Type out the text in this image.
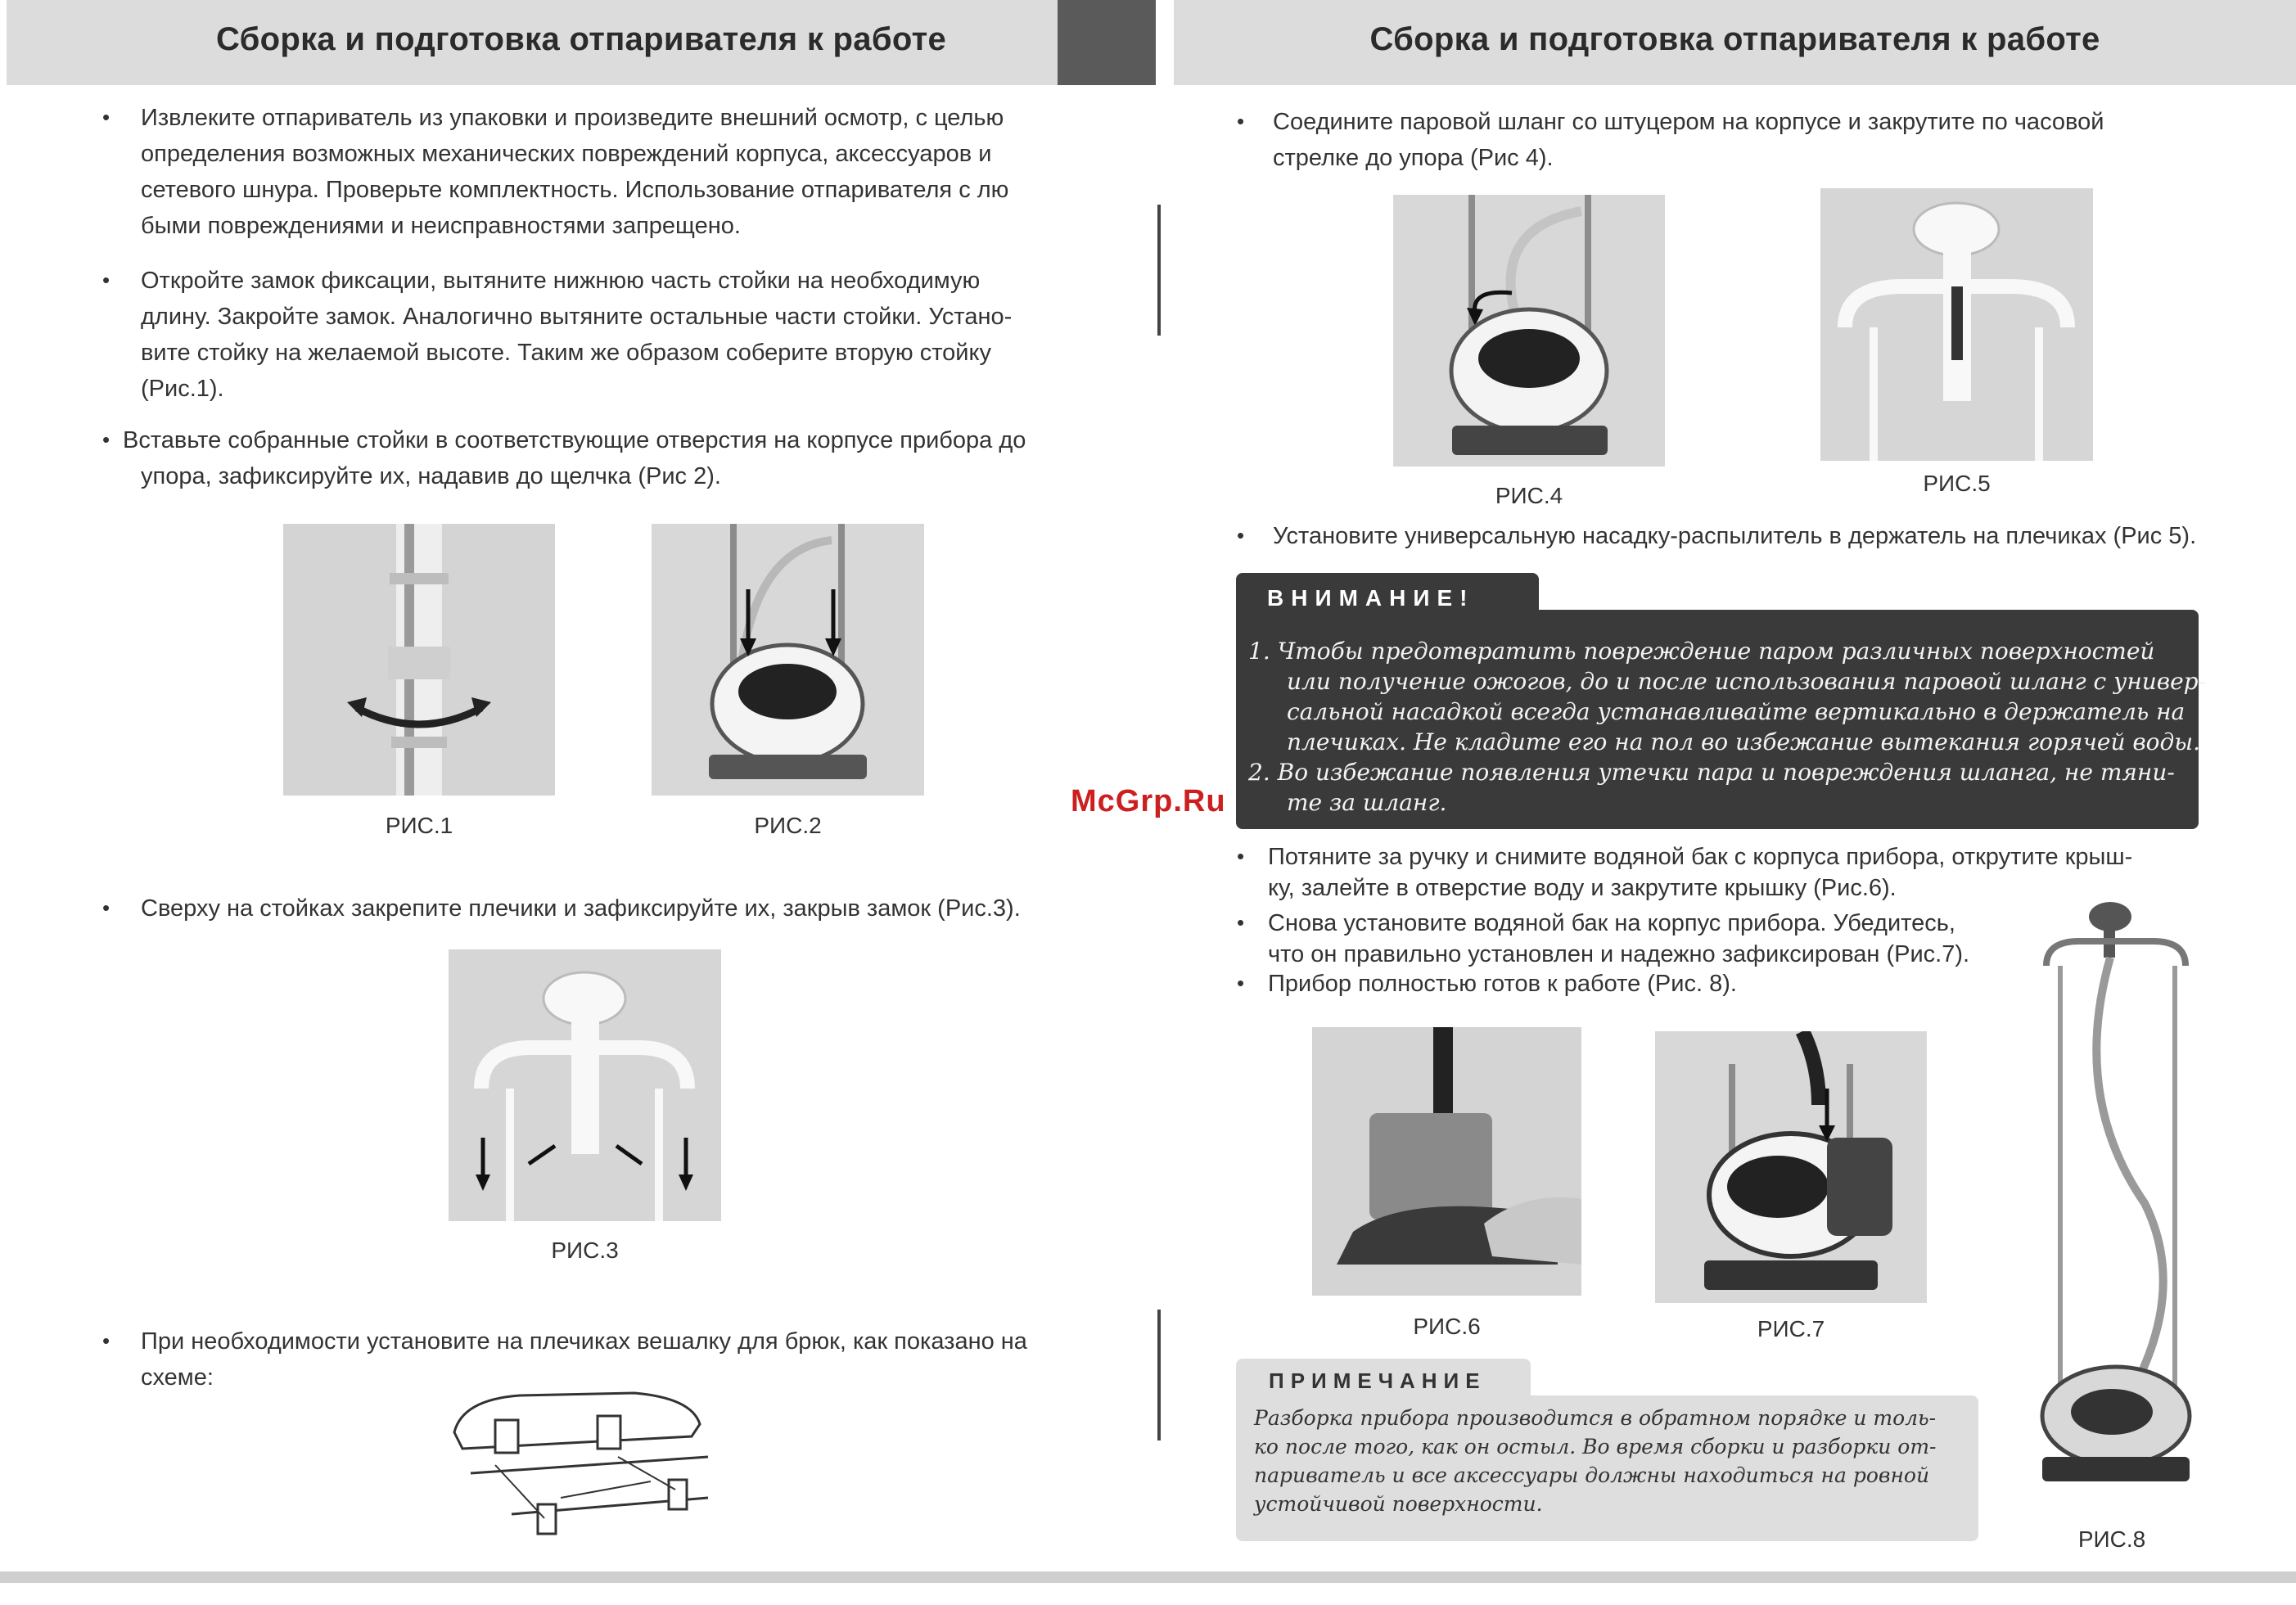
Сборка и подготовка отпаривателя к работе
• Извлеките отпариватель из упаковки и произведите внешний осмотр, с целью
определения возможных механических повреждений корпуса, аксессуаров и
сетевого шнура. Проверьте комплектность. Использование отпаривателя с лю
быми повреждениями и неисправностями запрещено.
• Откройте замок фиксации, вытяните нижнюю часть стойки на необходимую
длину. Закройте замок. Аналогично вытяните остальные части стойки. Устано-
вите стойку на желаемой высоте. Таким же образом соберите вторую стойку
(Рис.1).
• Вставьте собранные стойки в соответствующие отверстия на корпусе прибора до
упора, зафиксируйте их, надавив до щелчка (Рис 2).
РИС.1	РИС.2
• Сверху на стойках закрепите плечики и зафиксируйте их, закрыв замок (Рис.3).
РИС.3
• При необходимости установите на плечиках вешалку для брюк, как показано на
схеме:
Сборка и подготовка отпаривателя к работе
• Соедините паровой шланг со штуцером на корпусе и закрутите по часовой
стрелке до упора (Рис 4).
РИС.4	РИС.5
• Установите универсальную насадку-распылитель в держатель на плечиках (Рис 5).
ВНИМАНИЕ!
1. Чтобы предотвратить повреждение паром различных поверхностей
или получение ожогов, до и после использования паровой шланг с универ-
сальной насадкой всегда устанавливайте вертикально в держатель на
плечиках. Не кладите его на пол во избежание вытекания горячей воды.
2. Во избежание появления утечки пара и повреждения шланга, не тяни-
те за шланг.
McGrp.Ru
• Потяните за ручку и снимите водяной бак с корпуса прибора, открутите крыш-
ку, залейте в отверстие воду и закрутите крышку (Рис.6).
• Снова установите водяной бак на корпус прибора. Убедитесь,
что он правильно установлен и надежно зафиксирован (Рис.7).
• Прибор полностью готов к работе (Рис. 8).
РИС.6	РИС.7
РИС.8
ПРИМЕЧАНИЕ
Разборка прибора производится в обратном порядке и толь-
ко после того, как он остыл. Во время сборки и разборки от-
париватель и все аксессуары должны находиться на ровной
устойчивой поверхности.
